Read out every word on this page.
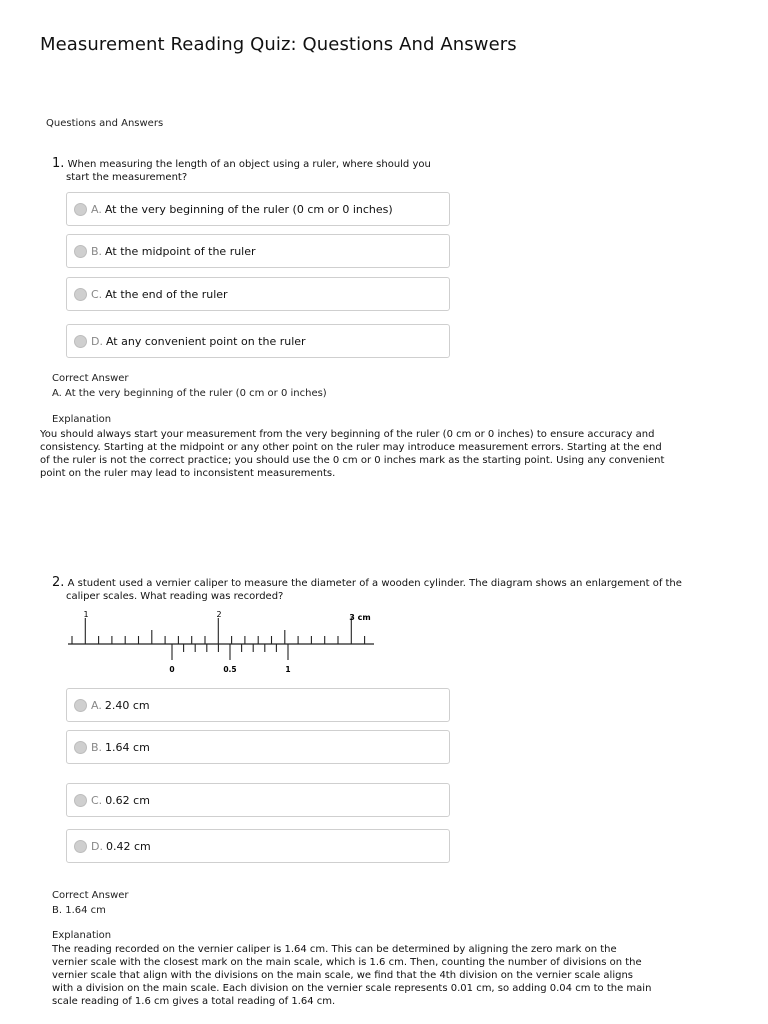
Measurement Reading Quiz: Questions And Answers
Questions and Answers
1. When measuring the length of an object using a ruler, where should you
start the measurement?
A. At the very beginning of the ruler (0 cm or 0 inches)
B. At the midpoint of the ruler
C. At the end of the ruler
D. At any convenient point on the ruler
Correct Answer
A. At the very beginning of the ruler (0 cm or 0 inches)
Explanation
You should always start your measurement from the very beginning of the ruler (0 cm or 0 inches) to ensure accuracy and consistency. Starting at the midpoint or any other point on the ruler may introduce measurement errors. Starting at the end of the ruler is not the correct practice; you should use the 0 cm or 0 inches mark as the starting point. Using any convenient point on the ruler may lead to inconsistent measurements.
2. A student used a vernier caliper to measure the diameter of a wooden cylinder. The diagram shows an enlargement of the
caliper scales. What reading was recorded?
1	2	3 cm
0	0.5	1
A. 2.40 cm
B. 1.64 cm
C. 0.62 cm
D. 0.42 cm
Correct Answer
B. 1.64 cm
Explanation
The reading recorded on the vernier caliper is 1.64 cm. This can be determined by aligning the zero mark on the vernier scale with the closest mark on the main scale, which is 1.6 cm. Then, counting the number of divisions on the vernier scale that align with the divisions on the main scale, we find that the 4th division on the vernier scale aligns with a division on the main scale. Each division on the vernier scale represents 0.01 cm, so adding 0.04 cm to the main scale reading of 1.6 cm gives a total reading of 1.64 cm.
